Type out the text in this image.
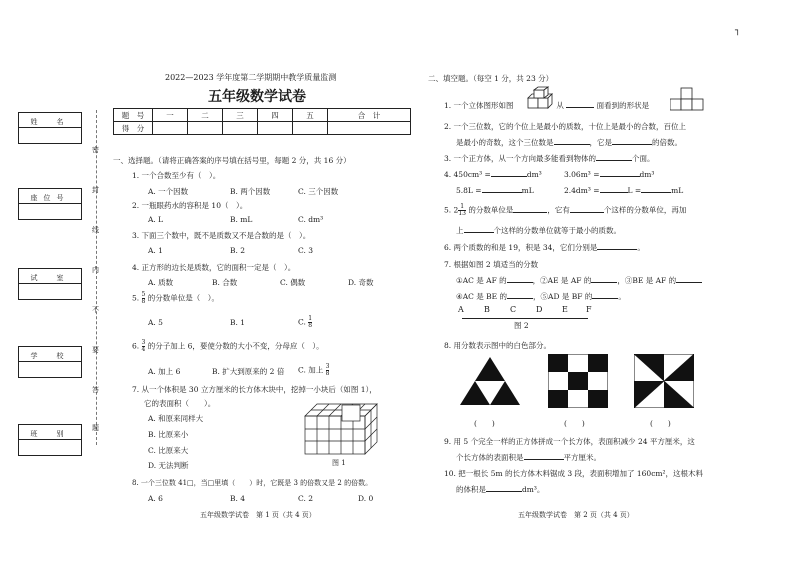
┐
姓　名
座位号
试　室
学　校
班　别
密
封
线
内
不
要
答
题
2022—2023 学年度第二学期期中教学质量监测
五年级数学试卷
题　号	一	二	三	四	五	合　计
得　分						
一、选择题。（请将正确答案的序号填在括号里，每题 2 分，共 16 分）
1. 一个合数至少有（　）。
A. 一个因数	B. 两个因数	C. 三个因数
2. 一瓶眼药水的容积是 10（　）。
A. L	B. mL	C. dm³
3. 下面三个数中，既不是质数又不是合数的是（　）。
A. 1	B. 2	C. 3
4. 正方形的边长是质数，它的面积一定是（　）。
A. 质数	B. 合数	C. 偶数	D. 奇数
5. $\frac{5}{8}$ 的分数单位是（　）。
A. 5	B. 1	C. $\frac{1}{8}$
6. $\frac{3}{4}$ 的分子加上 6，要使分数的大小不变，分母应（　）。
A. 加上 6	B. 扩大到原来的 2 倍 C. 加上 $\frac{3}{8}$
7. 从一个体积是 30 立方厘米的长方体木块中，挖掉一小块后（如图 1），
它的表面积（　　）。
A. 和原来同样大
B. 比原来小
C. 比原来大
D. 无法判断	图 1
8. 一个三位数 41□，当□里填（　　）时，它既是 3 的倍数又是 2 的倍数。
A. 6	B. 4	C. 2	D. 0
五年级数学试卷　第 1 页（共 4 页）
二、填空题。（每空 1 分，共 23 分）
1. 一个立体图形如图	从	面看到的形状是
2. 一个三位数，它的个位上是最小的质数，十位上是最小的合数，百位上
是最小的奇数，这个三位数是	，它是	的倍数。
3. 一个正方体，从一个方向最多能看到物体的	个面。
4. 450cm³ =	dm³	3.06m³ =	dm³
5.8L =	mL	2.4dm³ =	L =	mL
5. $2 \frac{1}{13}$ 的分数单位是	，它有	个这样的分数单位，再加
上	个这样的分数单位就等于最小的质数。
6. 两个质数的和是 19，积是 34，它们分别是	。
7. 根据如图 2 填适当的分数
①AC 是 AF 的	，②AE 是 AF 的	，③BE 是 AF 的
④AC 是 BE 的	，⑤AD 是 BF 的	。
A	B	C D E F
图 2
8. 用分数表示图中的白色部分。
(　　)	(　　)	(　　)
9. 用 5 个完全一样的正方体拼成一个长方体，表面积减少 24 平方厘米，这
个长方体的表面积是	平方厘米。
10. 把一根长 5m 的长方体木料锯成 3 段，表面积增加了 160cm²，这根木料
的体积是	dm³。
五年级数学试卷　第 2 页（共 4 页）
